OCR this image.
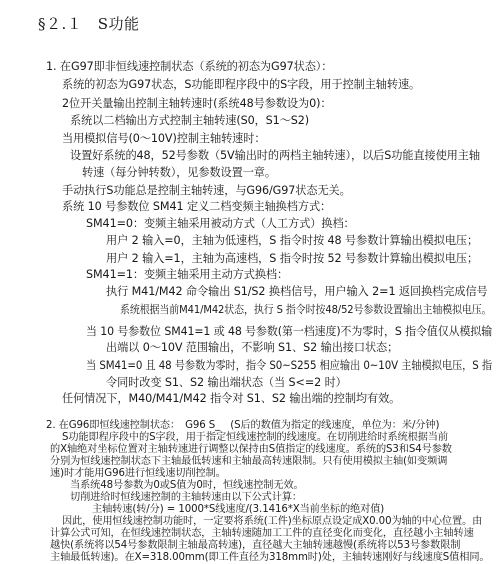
§２.１　S功能
1. 在G97即非恒线速控制状态（系统的初态为G97状态）：
系统的初态为G97状态，S功能即程序段中的S字段，用于控制主轴转速。
2位开关量输出控制主轴转速时(系统48号参数设为0)：
系统以二档输出方式控制主轴转速(S0，S1～S2)
当用模拟信号(0～10V)控制主轴转速时：
设置好系统的48，52号参数（5V输出时的两档主轴转速），以后S功能直接使用主轴
转速（每分钟转数），见参数设置一章。
手动执行S功能总是控制主轴转速，与G96/G97状态无关。
系统 10 号参数位 SM41 定义二档变频主轴换档方式：
SM41=0：变频主轴采用被动方式（人工方式）换档：
用户 2 输入=0，主轴为低速档，S 指令时按 48 号参数计算输出模拟电压；
用户 2 输入=1，主轴为高速档，S 指令时按 52 号参数计算输出模拟电压；
SM41=1：变频主轴采用主动方式换档：
执行 M41/M42 命令输出 S1/S2 换档信号，用户输入 2=1 返回换档完成信号
系统根据当前M41/M42状态，执行 S 指令时按48/52号参数设置输出主轴模拟电压。
当 10 号参数位 SM41=1 或 48 号参数(第一档速度)不为零时，S 指令值仅从模拟输
出端以 0～10V 范围输出，不影响 S1、S2 输出接口状态；
当 SM41=0 且 48 号参数为零时，指令 S0~S255 相应输出 0~10V 主轴模拟电压，S 指
令同时改变 S1、S2 输出端状态（当 S<=2 时）
任何情况下，M40/M41/M42 指令对 S1、S2 输出端的控制均有效。
2. 在G96即恒线速控制状态：　G96 S_　(S后的数值为指定的线速度，单位为：米/分钟)
S功能即程序段中的S字段，用于指定恒线速控制的线速度。在切削进给时系统根据当前
的X轴绝对坐标位置对主轴转速进行调整以保持由S值指定的线速度。系统的S3和S4号参数
分别为恒线速控制状态下主轴最低转速和主轴最高转速限制。只有使用模拟主轴(如变频调
速)时才能用G96进行恒线速切削控制。
当系统48号参数为0或S值为0时，恒线速控制无效。
切削进给时恒线速控制的主轴转速由以下公式计算：
主轴转速(转/分) = 1000*S线速度/(3.1416*X当前坐标的绝对值)
因此，使用恒线速控制功能时，一定要将系统(工件)坐标原点设定成X0.00为轴的中心位置。由
计算公式可知，在恒线速控制状态，主轴转速随加工工件的直径变化而变化，直径越小主轴转速
越快(系统将以54号参数限制主轴最高转速)，直径越大主轴转速越慢(系统将以53号参数限制
主轴最低转速)。在X=318.00mm(即工件直径为318mm时)处，主轴转速刚好与线速度S值相同。
